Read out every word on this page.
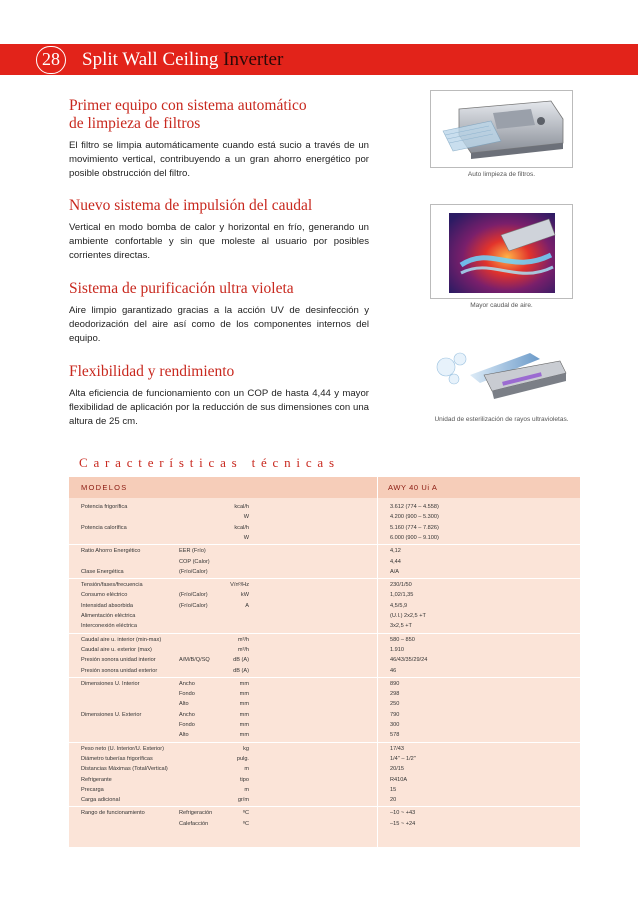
28	Split Wall Ceiling Inverter
Primer equipo con sistema automático
de limpieza de filtros

El filtro se limpia automáticamente cuando está sucio a través de un movimiento vertical, contribuyendo a un gran ahorro energético por posible obstrucción del filtro.

Nuevo sistema de impulsión del caudal

Vertical en modo bomba de calor y horizontal en frío, generando un ambiente confortable y sin que moleste al usuario por posibles corrientes directas.

Sistema de purificación ultra violeta

Aire limpio garantizado gracias a la acción UV de desinfección y deodorización del aire así como de los componentes internos del equipo.

Flexibilidad y rendimiento

Alta eficiencia de funcionamiento con un COP de hasta 4,44 y mayor flexibilidad de aplicación por la reducción de sus dimensiones con una altura de 25 cm.

Auto limpieza de filtros.
Mayor caudal de aire.
Unidad de esterilización de rayos ultravioletas.
Características técnicas
MODELOS	AWY 40 Ui A
Potencia frigorífica	kcal/h	3.612 (774 – 4.558)
W	4.200 (900 – 5.300)
Potencia calorífica	kcal/h	5.160 (774 – 7.826)
W	6.000 (900 – 9.100)
Ratio Ahorro Energético	EER (Frío)	4,12
COP (Calor)	4,44
Clase Energética	(Frío/Calor)	A/A
Tensión/fases/frecuencia	V/nº/Hz	230/1/50
Consumo eléctrico	(Frío/Calor)	kW	1,02/1,35
Intensidad absorbida	(Frío/Calor)	A	4,5/5,9
Alimentación eléctrica	(U.I.) 2x2,5 +T
Interconexión eléctrica	3x2,5 +T
Caudal aire u. interior (min-max)	m³/h	580 – 850
Caudal aire u. exterior (max)	m³/h	1.910
Presión sonora unidad interior	A/M/B/Q/SQ	dB (A)	46/43/35/29/24
Presión sonora unidad exterior	dB (A)	46
Dimensiones U. Interior	Ancho	mm	890
Fondo	mm	298
Alto	mm	250
Dimensiones U. Exterior	Ancho	mm	790
Fondo	mm	300
Alto	mm	578
Peso neto (U. Interior/U. Exterior)	kg	17/43
Diámetro tuberías frigoríficas	pulg.	1/4" – 1/2"
Distancias Máximas (Total/Vertical)	m	20/15
Refrigerante	tipo	R410A
Precarga	m	15
Carga adicional	gr/m	20
Rango de funcionamiento	Refrigeración	ºC	–10 ~ +43
Calefacción	ºC	–15 ~ +24
